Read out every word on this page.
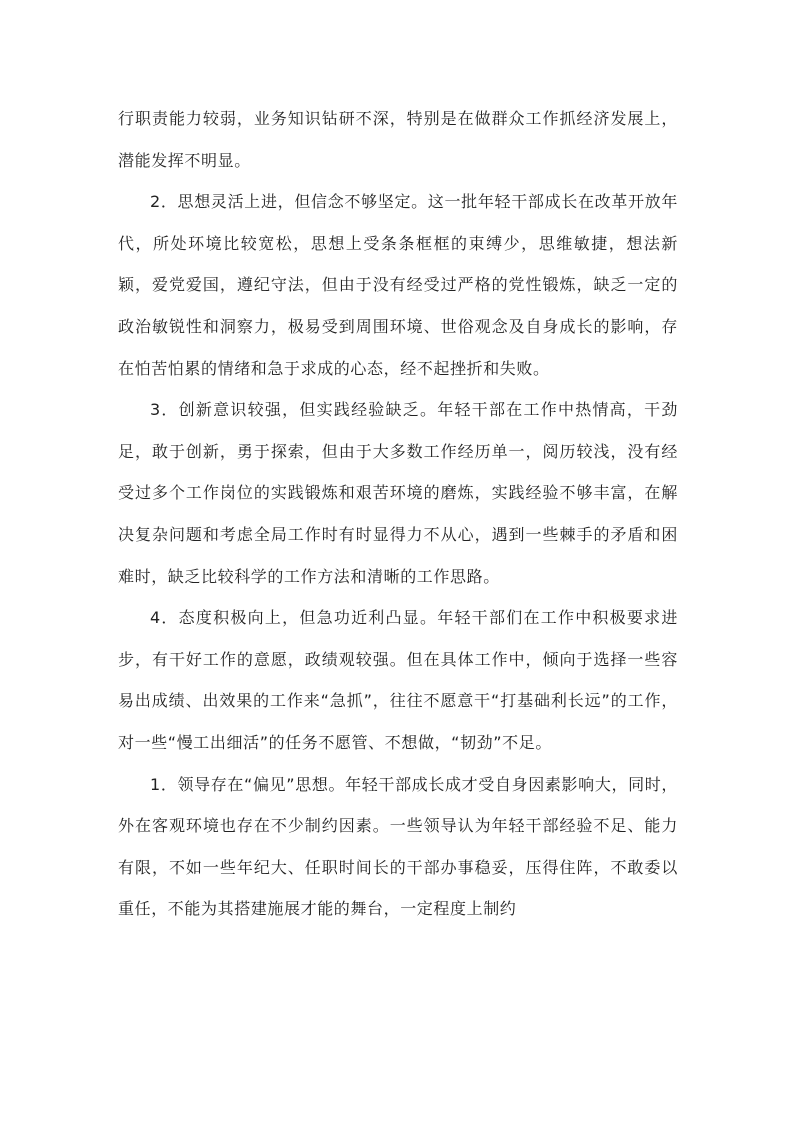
行职责能力较弱，业务知识钻研不深，特别是在做群众工作抓经济发展上，潜能发挥不明显。

2．思想灵活上进，但信念不够坚定。这一批年轻干部成长在改革开放年代，所处环境比较宽松，思想上受条条框框的束缚少，思维敏捷，想法新颖，爱党爱国，遵纪守法，但由于没有经受过严格的党性锻炼，缺乏一定的政治敏锐性和洞察力，极易受到周围环境、世俗观念及自身成长的影响，存在怕苦怕累的情绪和急于求成的心态，经不起挫折和失败。

3．创新意识较强，但实践经验缺乏。年轻干部在工作中热情高，干劲足，敢于创新，勇于探索，但由于大多数工作经历单一，阅历较浅，没有经受过多个工作岗位的实践锻炼和艰苦环境的磨炼，实践经验不够丰富，在解决复杂问题和考虑全局工作时有时显得力不从心，遇到一些棘手的矛盾和困难时，缺乏比较科学的工作方法和清晰的工作思路。

4．态度积极向上，但急功近利凸显。年轻干部们在工作中积极要求进步，有干好工作的意愿，政绩观较强。但在具体工作中，倾向于选择一些容易出成绩、出效果的工作来“急抓”，往往不愿意干“打基础利长远”的工作，对一些“慢工出细活”的任务不愿管、不想做，“韧劲”不足。

1．领导存在“偏见”思想。年轻干部成长成才受自身因素影响大，同时，外在客观环境也存在不少制约因素。一些领导认为年轻干部经验不足、能力有限，不如一些年纪大、任职时间长的干部办事稳妥，压得住阵，不敢委以重任，不能为其搭建施展才能的舞台，一定程度上制约
